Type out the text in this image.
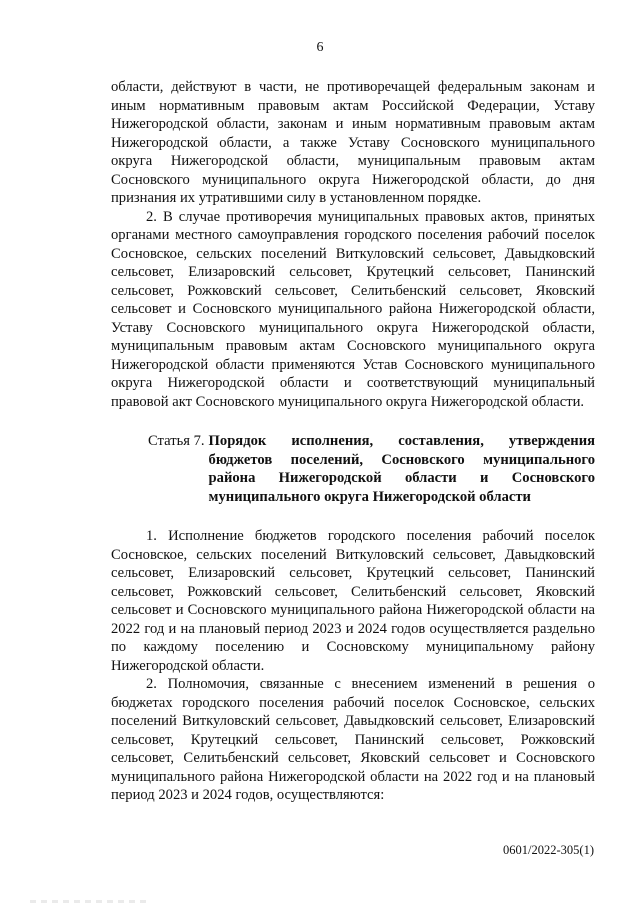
6

области, действуют в части, не противоречащей федеральным законам и иным нормативным правовым актам Российской Федерации, Уставу Нижегородской области, законам и иным нормативным правовым актам Нижегородской области, а также Уставу Сосновского муниципального округа Нижегородской области, муниципальным правовым актам Сосновского муниципального округа Нижегородской области, до дня признания их утратившими силу в установленном порядке.

2. В случае противоречия муниципальных правовых актов, принятых органами местного самоуправления городского поселения рабочий поселок Сосновское, сельских поселений Виткуловский сельсовет, Давыдковский сельсовет, Елизаровский сельсовет, Крутецкий сельсовет, Панинский сельсовет, Рожковский сельсовет, Селитьбенский сельсовет, Яковский сельсовет и Сосновского муниципального района Нижегородской области, Уставу Сосновского муниципального округа Нижегородской области, муниципальным правовым актам Сосновского муниципального округа Нижегородской области применяются Устав Сосновского муниципального округа Нижегородской области и соответствующий муниципальный правовой акт Сосновского муниципального округа Нижегородской области.

Статья 7. Порядок исполнения, составления, утверждения бюджетов поселений, Сосновского муниципального района Нижегородской области и Сосновского муниципального округа Нижегородской области

1. Исполнение бюджетов городского поселения рабочий поселок Сосновское, сельских поселений Виткуловский сельсовет, Давыдковский сельсовет, Елизаровский сельсовет, Крутецкий сельсовет, Панинский сельсовет, Рожковский сельсовет, Селитьбенский сельсовет, Яковский сельсовет и Сосновского муниципального района Нижегородской области на 2022 год и на плановый период 2023 и 2024 годов осуществляется раздельно по каждому поселению и Сосновскому муниципальному району Нижегородской области.

2. Полномочия, связанные с внесением изменений в решения о бюджетах городского поселения рабочий поселок Сосновское, сельских поселений Виткуловский сельсовет, Давыдковский сельсовет, Елизаровский сельсовет, Крутецкий сельсовет, Панинский сельсовет, Рожковский сельсовет, Селитьбенский сельсовет, Яковский сельсовет и Сосновского муниципального района Нижегородской области на 2022 год и на плановый период 2023 и 2024 годов, осуществляются:

0601/2022-305(1)
